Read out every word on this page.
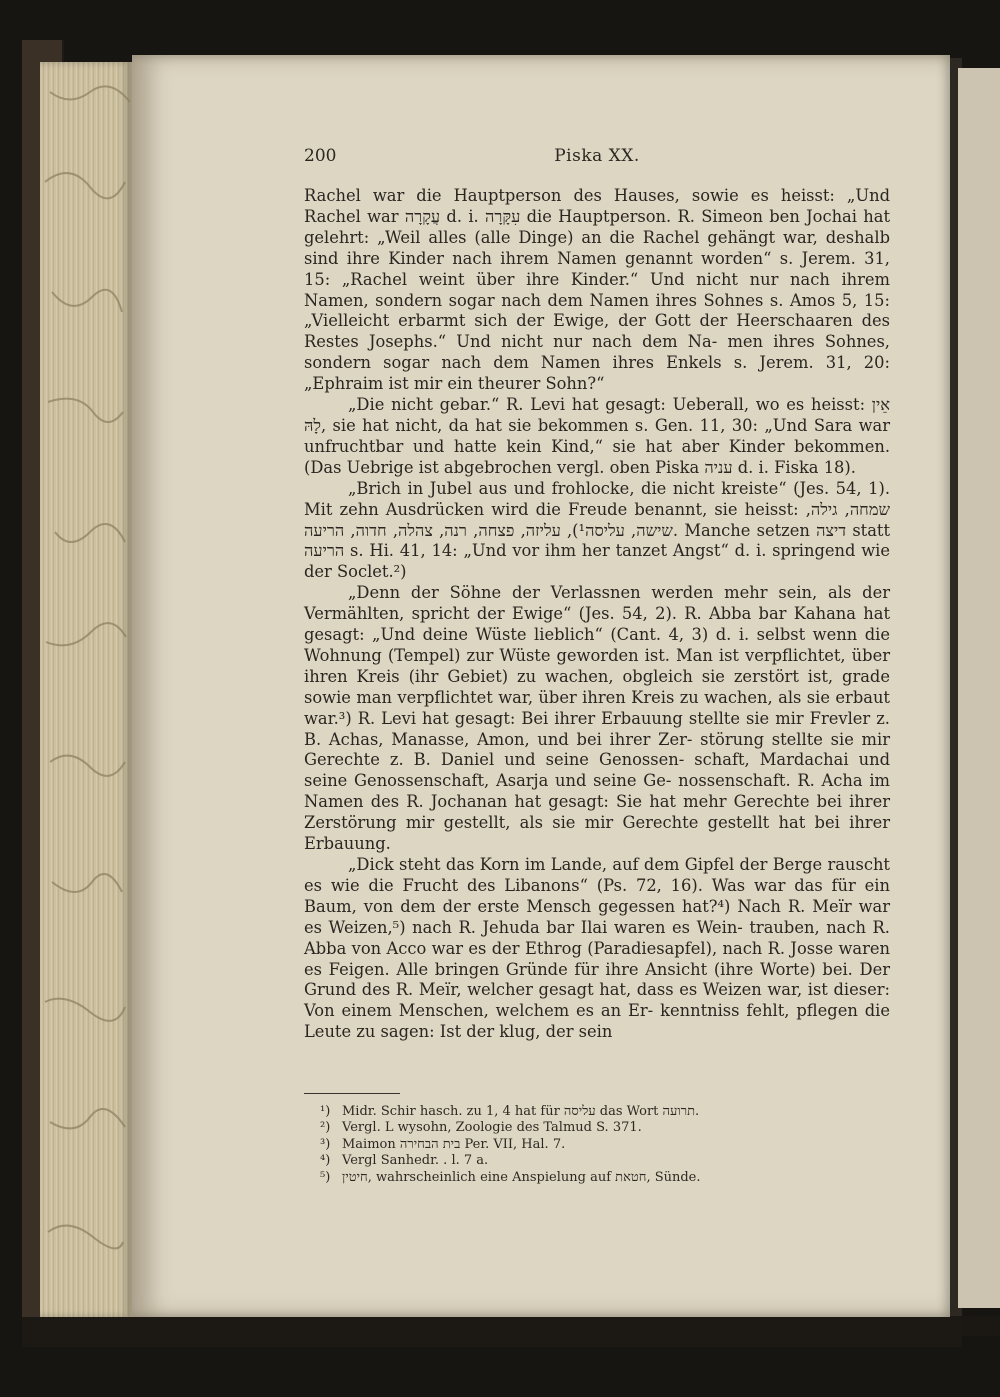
200	Piska XX.

Rachel war die Hauptperson des Hauses, sowie es heisst: „Und Rachel war עֲקָרָה d. i. עִקָּרָה die Hauptperson. R. Simeon ben Jochai hat gelehrt: „Weil alles (alle Dinge) an die Rachel gehängt war, deshalb sind ihre Kinder nach ihrem Namen genannt worden“ s. Jerem. 31, 15: „Rachel weint über ihre Kinder.“ Und nicht nur nach ihrem Namen, sondern sogar nach dem Namen ihres Sohnes s. Amos 5, 15: „Vielleicht erbarmt sich der Ewige, der Gott der Heerschaaren des Restes Josephs.“ Und nicht nur nach dem Na- men ihres Sohnes, sondern sogar nach dem Namen ihres Enkels s. Jerem. 31, 20: „Ephraim ist mir ein theurer Sohn?“

„Die nicht gebar.“ R. Levi hat gesagt: Ueberall, wo es heisst: אֵין לָהּ, sie hat nicht, da hat sie bekommen s. Gen. 11, 30: „Und Sara war unfruchtbar und hatte kein Kind,“ sie hat aber Kinder bekommen. (Das Uebrige ist abgebrochen vergl. oben Piska עניה d. i. Fiska 18).

„Brich in Jubel aus und frohlocke, die nicht kreiste“ (Jes. 54, 1). Mit zehn Ausdrücken wird die Freude benannt, sie heisst: שמחה, גילה, שישה, עליסה¹), עליזה, פצחה, רנה, צהלה, חדוה, הריעה. Manche setzen דיצה statt הריעה s. Hi. 41, 14: „Und vor ihm her tanzet Angst“ d. i. springend wie der Soclet.²)

„Denn der Söhne der Verlassnen werden mehr sein, als der Vermählten, spricht der Ewige“ (Jes. 54, 2). R. Abba bar Kahana hat gesagt: „Und deine Wüste lieblich“ (Cant. 4, 3) d. i. selbst wenn die Wohnung (Tempel) zur Wüste geworden ist. Man ist verpflichtet, über ihren Kreis (ihr Gebiet) zu wachen, obgleich sie zerstört ist, grade sowie man verpflichtet war, über ihren Kreis zu wachen, als sie erbaut war.³) R. Levi hat gesagt: Bei ihrer Erbauung stellte sie mir Frevler z. B. Achas, Manasse, Amon, und bei ihrer Zer- störung stellte sie mir Gerechte z. B. Daniel und seine Genossen- schaft, Mardachai und seine Genossenschaft, Asarja und seine Ge- nossenschaft. R. Acha im Namen des R. Jochanan hat gesagt: Sie hat mehr Gerechte bei ihrer Zerstörung mir gestellt, als sie mir Gerechte gestellt hat bei ihrer Erbauung.

„Dick steht das Korn im Lande, auf dem Gipfel der Berge rauscht es wie die Frucht des Libanons“ (Ps. 72, 16). Was war das für ein Baum, von dem der erste Mensch gegessen hat?⁴) Nach R. Meïr war es Weizen,⁵) nach R. Jehuda bar Ilai waren es Wein- trauben, nach R. Abba von Acco war es der Ethrog (Paradiesapfel), nach R. Josse waren es Feigen. Alle bringen Gründe für ihre Ansicht (ihre Worte) bei. Der Grund des R. Meïr, welcher gesagt hat, dass es Weizen war, ist dieser: Von einem Menschen, welchem es an Er- kenntniss fehlt, pflegen die Leute zu sagen: Ist der klug, der sein

¹) Midr. Schir hasch. zu 1, 4 hat für עליסה das Wort תרועה.

²) Vergl. L wysohn, Zoologie des Talmud S. 371.

³) Maimon בית הבחירה Per. VII, Hal. 7.

⁴) Vergl Sanhedr. . l. 7 a.

⁵) חיטין, wahrscheinlich eine Anspielung auf חטאת, Sünde.
